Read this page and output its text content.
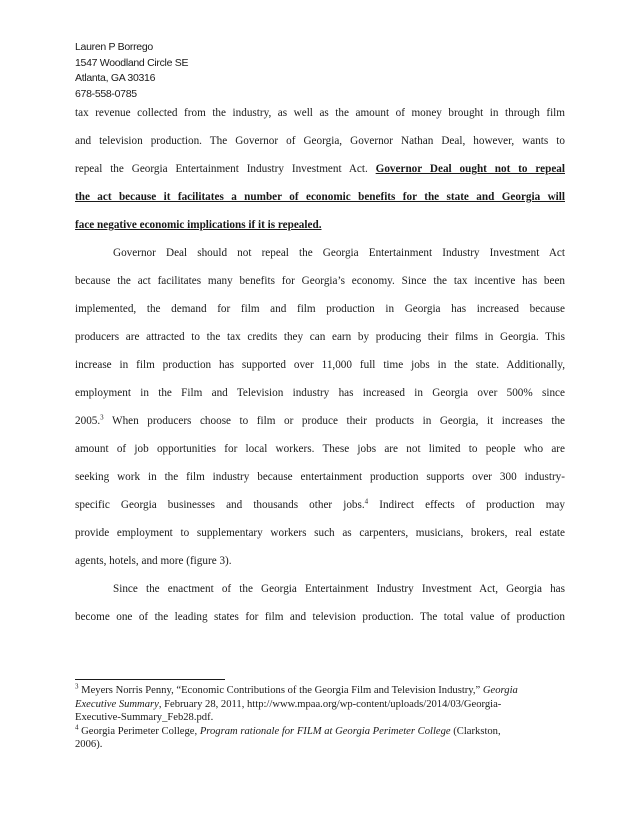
Lauren P Borrego
1547 Woodland Circle SE
Atlanta, GA 30316
678-558-0785
tax revenue collected from the industry, as well as the amount of money brought in through film
and television production. The Governor of Georgia, Governor Nathan Deal, however, wants to
repeal the Georgia Entertainment Industry Investment Act. Governor Deal ought not to repeal
the act because it facilitates a number of economic benefits for the state and Georgia will
face negative economic implications if it is repealed.
Governor Deal should not repeal the Georgia Entertainment Industry Investment Act
because the act facilitates many benefits for Georgia’s economy. Since the tax incentive has been
implemented, the demand for film and film production in Georgia has increased because
producers are attracted to the tax credits they can earn by producing their films in Georgia. This
increase in film production has supported over 11,000 full time jobs in the state. Additionally,
employment in the Film and Television industry has increased in Georgia over 500% since
2005.$^3$ When producers choose to film or produce their products in Georgia, it increases the
amount of job opportunities for local workers. These jobs are not limited to people who are
seeking work in the film industry because entertainment production supports over 300 industry-
specific Georgia businesses and thousands other jobs.$^4$ Indirect effects of production may
provide employment to supplementary workers such as carpenters, musicians, brokers, real estate
agents, hotels, and more (figure 3).
Since the enactment of the Georgia Entertainment Industry Investment Act, Georgia has
become one of the leading states for film and television production. The total value of production
$^3$ Meyers Norris Penny, “Economic Contributions of the Georgia Film and Television Industry,” Georgia
Executive Summary, February 28, 2011, http://www.mpaa.org/wp-content/uploads/2014/03/Georgia-
Executive-Summary_Feb28.pdf.
$^4$ Georgia Perimeter College, Program rationale for FILM at Georgia Perimeter College (Clarkston,
2006).
